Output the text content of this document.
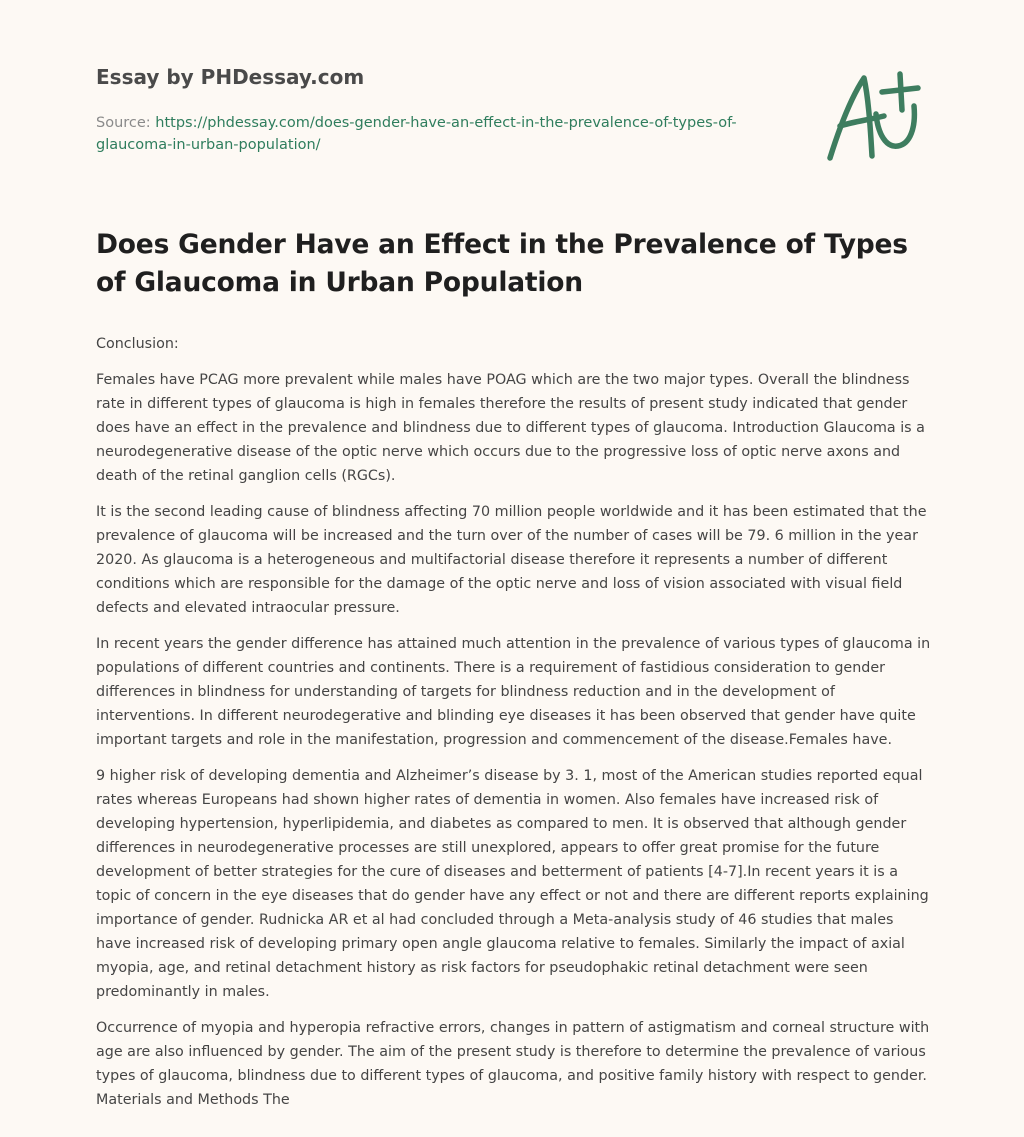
Essay by PHDessay.com
Source: https://phdessay.com/does-gender-have-an-effect-in-the-prevalence-of-types-of-glaucoma-in-urban-population/
Does Gender Have an Effect in the Prevalence of Types of Glaucoma in Urban Population

Conclusion:

Females have PCAG more prevalent while males have POAG which are the two major types. Overall the blindness rate in different types of glaucoma is high in females therefore the results of present study indicated that gender does have an effect in the prevalence and blindness due to different types of glaucoma. Introduction Glaucoma is a neurodegenerative disease of the optic nerve which occurs due to the progressive loss of optic nerve axons and death of the retinal ganglion cells (RGCs).

It is the second leading cause of blindness affecting 70 million people worldwide and it has been estimated that the prevalence of glaucoma will be increased and the turn over of the number of cases will be 79. 6 million in the year 2020. As glaucoma is a heterogeneous and multifactorial disease therefore it represents a number of different conditions which are responsible for the damage of the optic nerve and loss of vision associated with visual field defects and elevated intraocular pressure.

In recent years the gender difference has attained much attention in the prevalence of various types of glaucoma in populations of different countries and continents. There is a requirement of fastidious consideration to gender differences in blindness for understanding of targets for blindness reduction and in the development of interventions. In different neurodegerative and blinding eye diseases it has been observed that gender have quite important targets and role in the manifestation, progression and commencement of the disease.Females have.

9 higher risk of developing dementia and Alzheimer’s disease by 3. 1, most of the American studies reported equal rates whereas Europeans had shown higher rates of dementia in women. Also females have increased risk of developing hypertension, hyperlipidemia, and diabetes as compared to men. It is observed that although gender differences in neurodegenerative processes are still unexplored, appears to offer great promise for the future development of better strategies for the cure of diseases and betterment of patients [4-7].In recent years it is a topic of concern in the eye diseases that do gender have any effect or not and there are different reports explaining importance of gender. Rudnicka AR et al had concluded through a Meta-analysis study of 46 studies that males have increased risk of developing primary open angle glaucoma relative to females. Similarly the impact of axial myopia, age, and retinal detachment history as risk factors for pseudophakic retinal detachment were seen predominantly in males.

Occurrence of myopia and hyperopia refractive errors, changes in pattern of astigmatism and corneal structure with age are also influenced by gender. The aim of the present study is therefore to determine the prevalence of various types of glaucoma, blindness due to different types of glaucoma, and positive family history with respect to gender. Materials and Methods The
